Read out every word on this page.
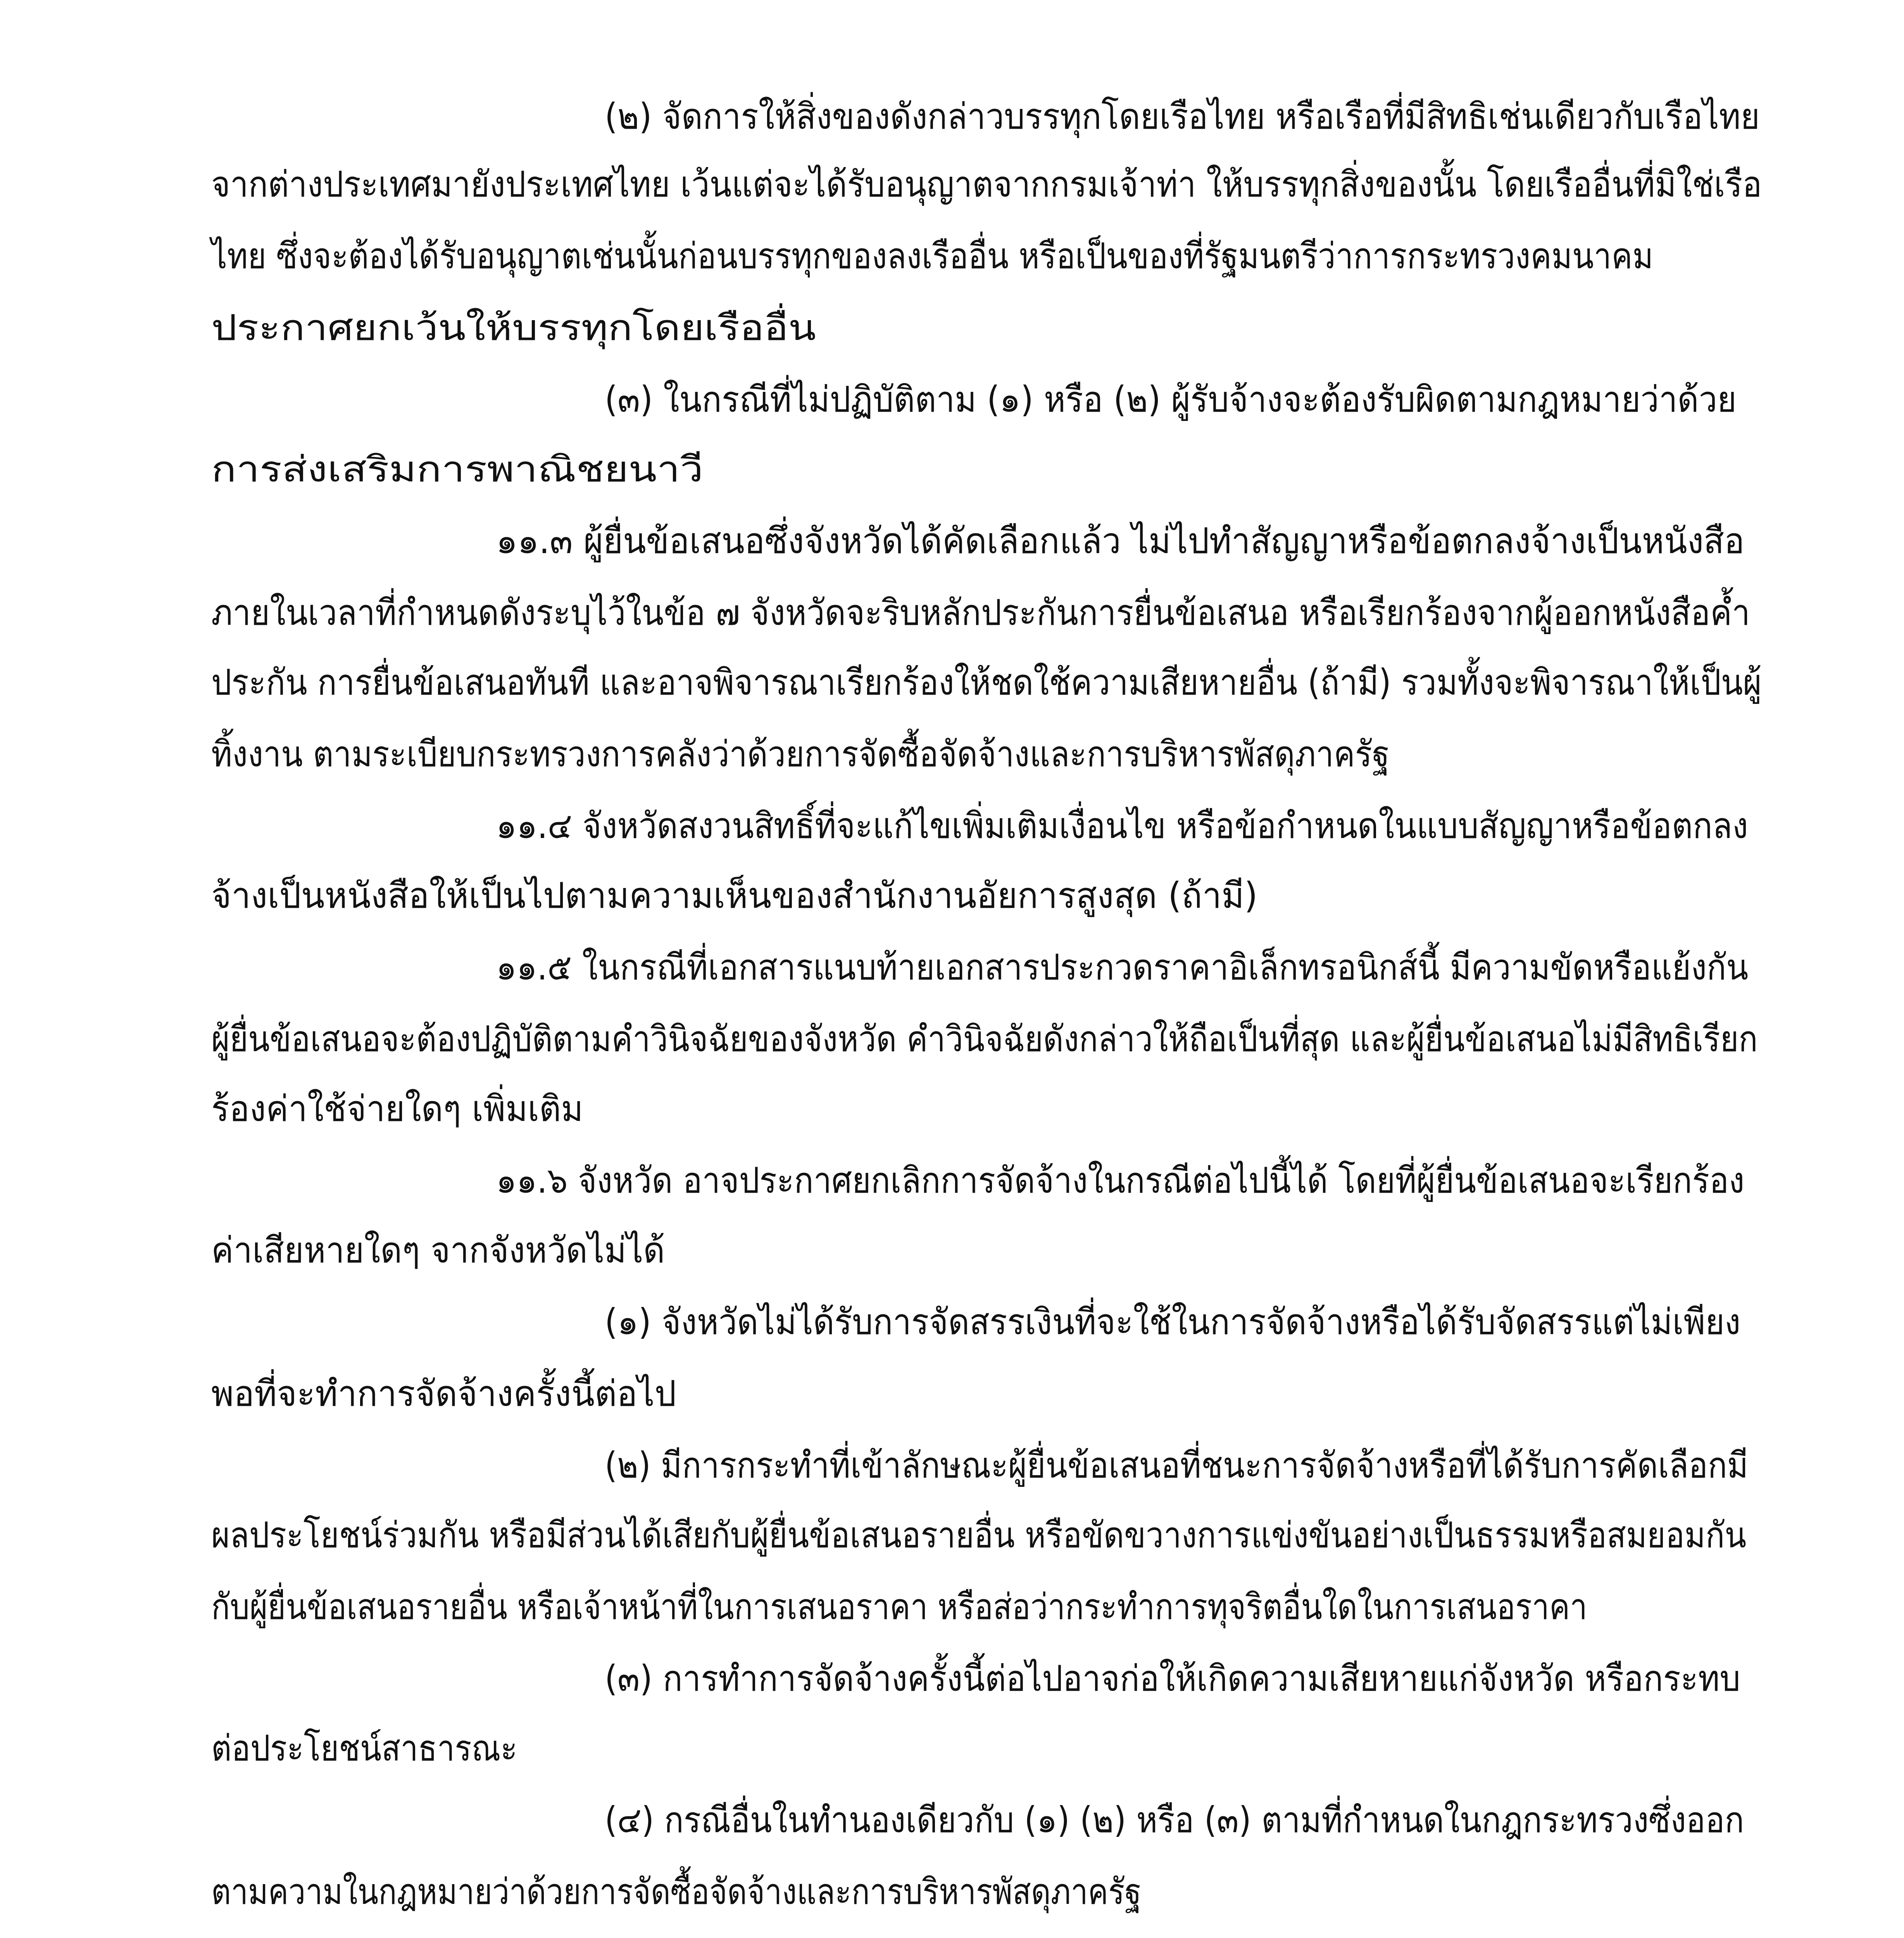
(๒) จัดการให้สิ่งของดังกล่าวบรรทุกโดยเรือไทย หรือเรือที่มีสิทธิเช่นเดียวกับเรือไทย
จากต่างประเทศมายังประเทศไทย เว้นแต่จะได้รับอนุญาตจากกรมเจ้าท่า ให้บรรทุกสิ่งของนั้น โดยเรืออื่นที่มิใช่เรือ
ไทย ซึ่งจะต้องได้รับอนุญาตเช่นนั้นก่อนบรรทุกของลงเรืออื่น หรือเป็นของที่รัฐมนตรีว่าการกระทรวงคมนาคม
ประกาศยกเว้นให้บรรทุกโดยเรืออื่น
(๓) ในกรณีที่ไม่ปฏิบัติตาม (๑) หรือ (๒) ผู้รับจ้างจะต้องรับผิดตามกฎหมายว่าด้วย
การส่งเสริมการพาณิชยนาวี
๑๑.๓ ผู้ยื่นข้อเสนอซึ่งจังหวัดได้คัดเลือกแล้ว ไม่ไปทำสัญญาหรือข้อตกลงจ้างเป็นหนังสือ
ภายในเวลาที่กำหนดดังระบุไว้ในข้อ ๗ จังหวัดจะริบหลักประกันการยื่นข้อเสนอ หรือเรียกร้องจากผู้ออกหนังสือค้ำ
ประกัน การยื่นข้อเสนอทันที และอาจพิจารณาเรียกร้องให้ชดใช้ความเสียหายอื่น (ถ้ามี) รวมทั้งจะพิจารณาให้เป็นผู้
ทิ้งงาน ตามระเบียบกระทรวงการคลังว่าด้วยการจัดซื้อจัดจ้างและการบริหารพัสดุภาครัฐ
๑๑.๔ จังหวัดสงวนสิทธิ์ที่จะแก้ไขเพิ่มเติมเงื่อนไข หรือข้อกำหนดในแบบสัญญาหรือข้อตกลง
จ้างเป็นหนังสือให้เป็นไปตามความเห็นของสำนักงานอัยการสูงสุด (ถ้ามี)
๑๑.๕ ในกรณีที่เอกสารแนบท้ายเอกสารประกวดราคาอิเล็กทรอนิกส์นี้ มีความขัดหรือแย้งกัน
ผู้ยื่นข้อเสนอจะต้องปฏิบัติตามคำวินิจฉัยของจังหวัด คำวินิจฉัยดังกล่าวให้ถือเป็นที่สุด และผู้ยื่นข้อเสนอไม่มีสิทธิเรียก
ร้องค่าใช้จ่ายใดๆ เพิ่มเติม
๑๑.๖ จังหวัด อาจประกาศยกเลิกการจัดจ้างในกรณีต่อไปนี้ได้ โดยที่ผู้ยื่นข้อเสนอจะเรียกร้อง
ค่าเสียหายใดๆ จากจังหวัดไม่ได้
(๑) จังหวัดไม่ได้รับการจัดสรรเงินที่จะใช้ในการจัดจ้างหรือได้รับจัดสรรแต่ไม่เพียง
พอที่จะทำการจัดจ้างครั้งนี้ต่อไป
(๒) มีการกระทำที่เข้าลักษณะผู้ยื่นข้อเสนอที่ชนะการจัดจ้างหรือที่ได้รับการคัดเลือกมี
ผลประโยชน์ร่วมกัน หรือมีส่วนได้เสียกับผู้ยื่นข้อเสนอรายอื่น หรือขัดขวางการแข่งขันอย่างเป็นธรรมหรือสมยอมกัน
กับผู้ยื่นข้อเสนอรายอื่น หรือเจ้าหน้าที่ในการเสนอราคา หรือส่อว่ากระทำการทุจริตอื่นใดในการเสนอราคา
(๓) การทำการจัดจ้างครั้งนี้ต่อไปอาจก่อให้เกิดความเสียหายแก่จังหวัด หรือกระทบ
ต่อประโยชน์สาธารณะ
(๔) กรณีอื่นในทำนองเดียวกับ (๑) (๒) หรือ (๓) ตามที่กำหนดในกฎกระทรวงซึ่งออก
ตามความในกฎหมายว่าด้วยการจัดซื้อจัดจ้างและการบริหารพัสดุภาครัฐ
